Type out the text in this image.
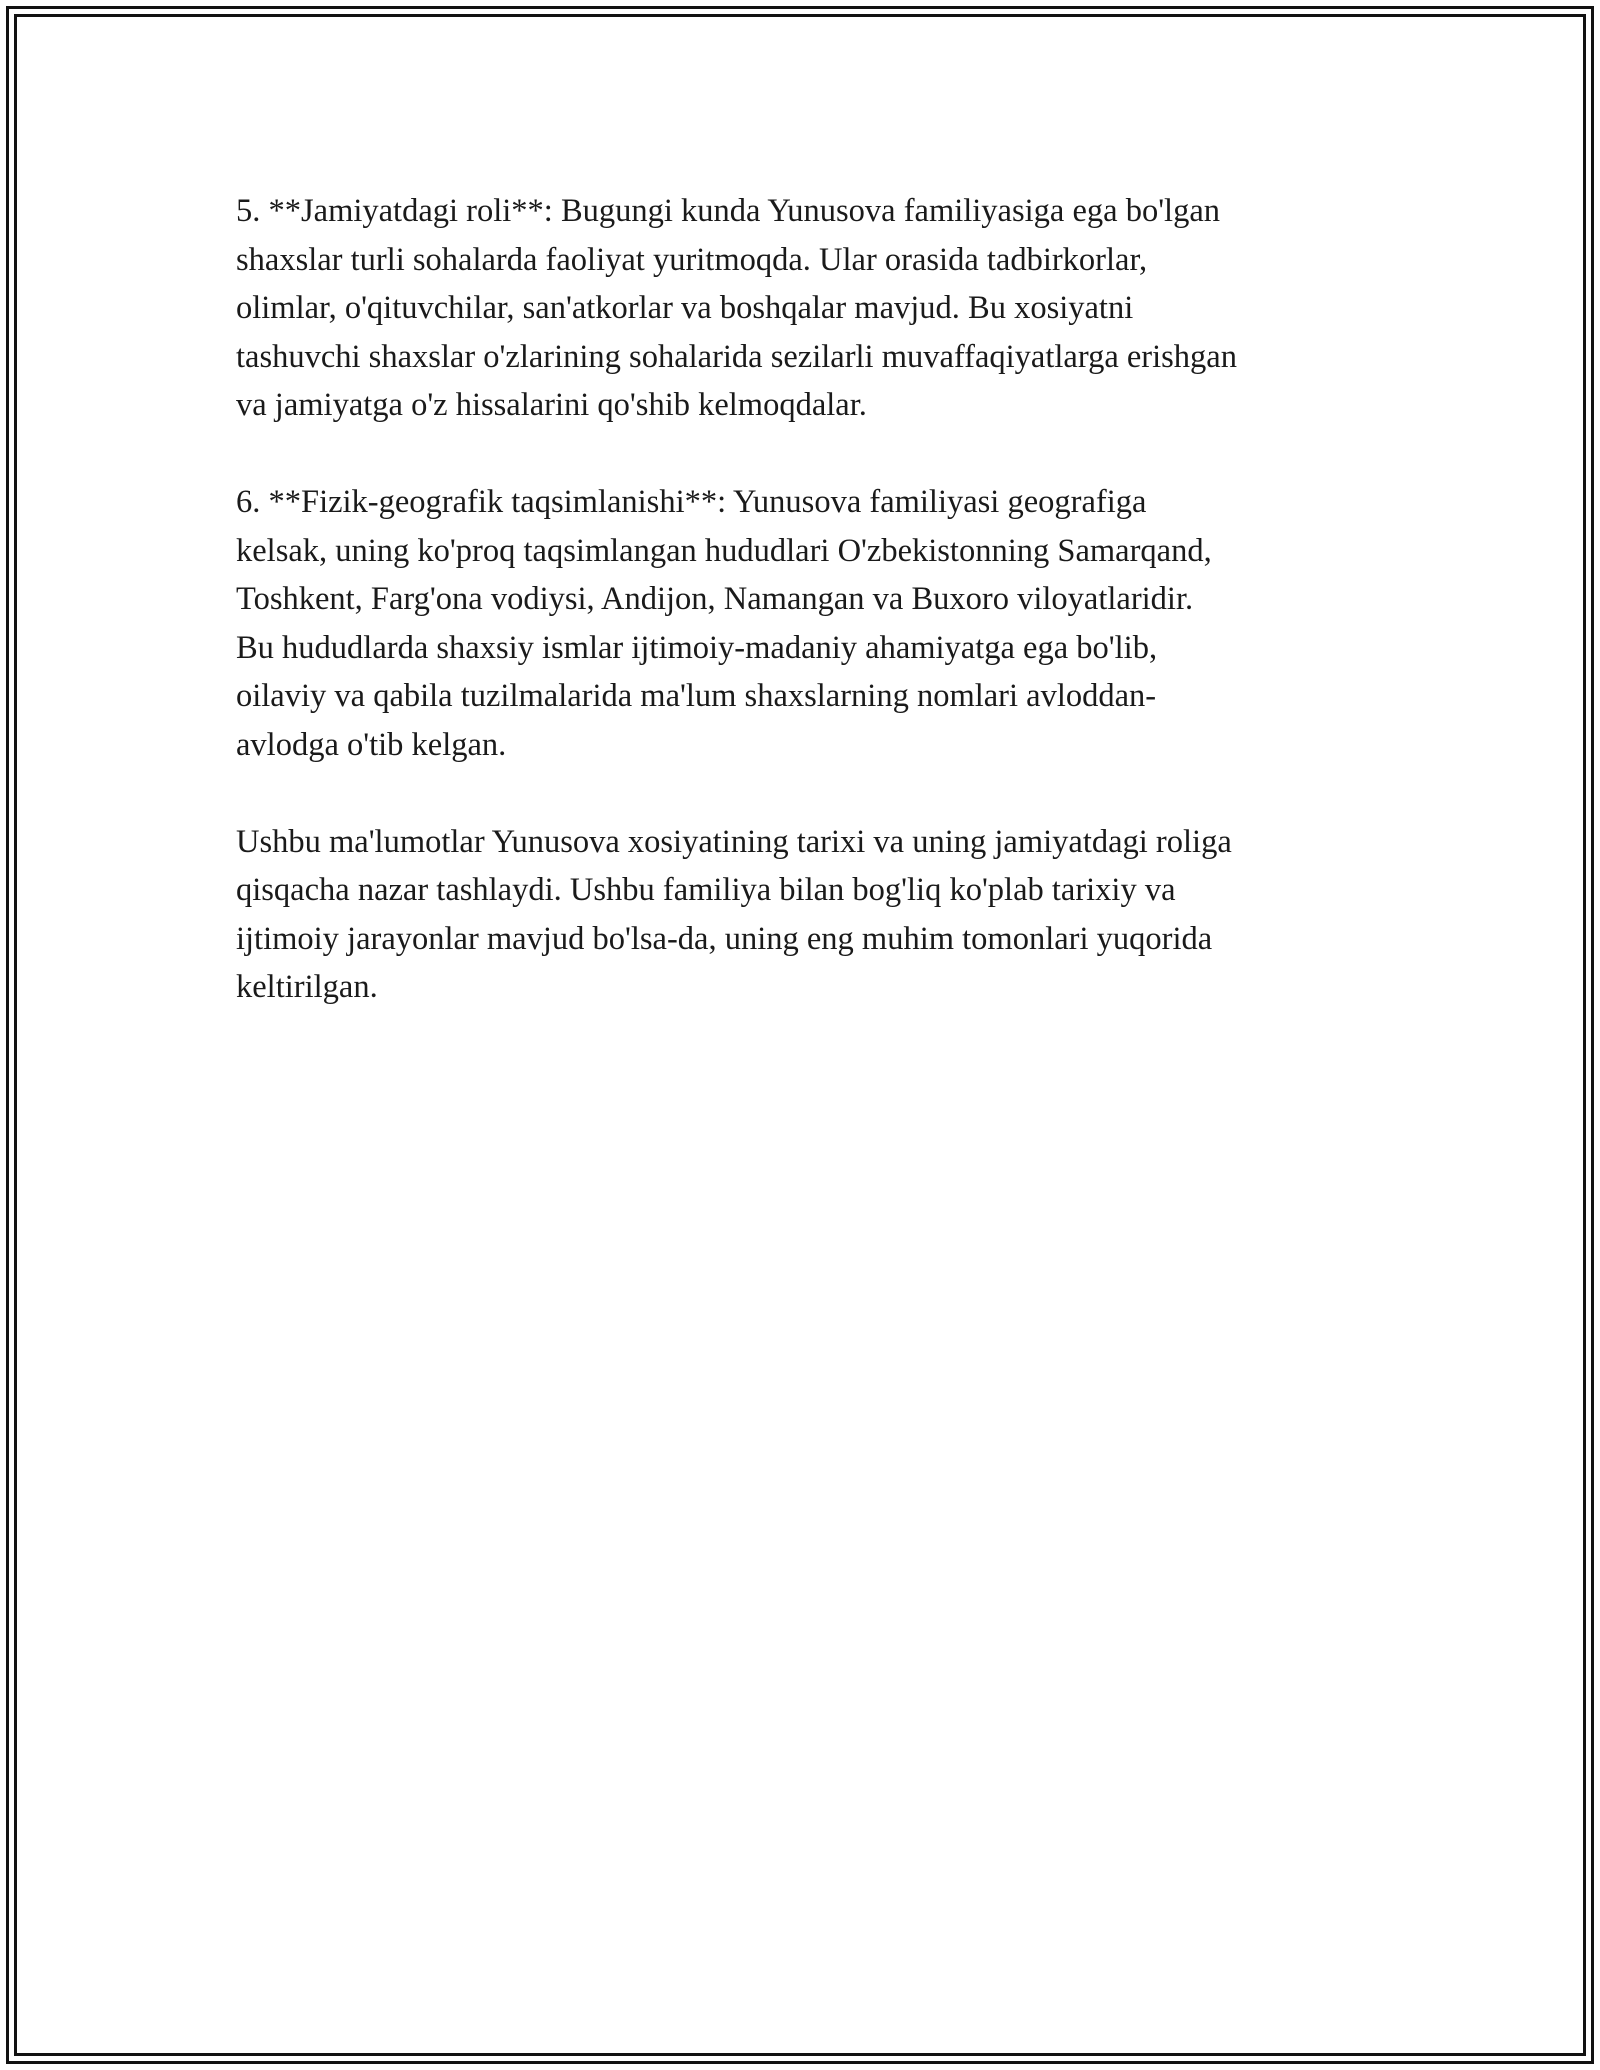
5. **Jamiyatdagi roli**: Bugungi kunda Yunusova familiyasiga ega bo'lgan
shaxslar turli sohalarda faoliyat yuritmoqda. Ular orasida tadbirkorlar,
olimlar, o'qituvchilar, san'atkorlar va boshqalar mavjud. Bu xosiyatni
tashuvchi shaxslar o'zlarining sohalarida sezilarli muvaffaqiyatlarga erishgan
va jamiyatga o'z hissalarini qo'shib kelmoqdalar.

6. **Fizik-geografik taqsimlanishi**: Yunusova familiyasi geografiga
kelsak, uning ko'proq taqsimlangan hududlari O'zbekistonning Samarqand,
Toshkent, Farg'ona vodiysi, Andijon, Namangan va Buxoro viloyatlaridir.
Bu hududlarda shaxsiy ismlar ijtimoiy-madaniy ahamiyatga ega bo'lib,
oilaviy va qabila tuzilmalarida ma'lum shaxslarning nomlari avloddan-
avlodga o'tib kelgan.

Ushbu ma'lumotlar Yunusova xosiyatining tarixi va uning jamiyatdagi roliga
qisqacha nazar tashlaydi. Ushbu familiya bilan bog'liq ko'plab tarixiy va
ijtimoiy jarayonlar mavjud bo'lsa-da, uning eng muhim tomonlari yuqorida
keltirilgan.
